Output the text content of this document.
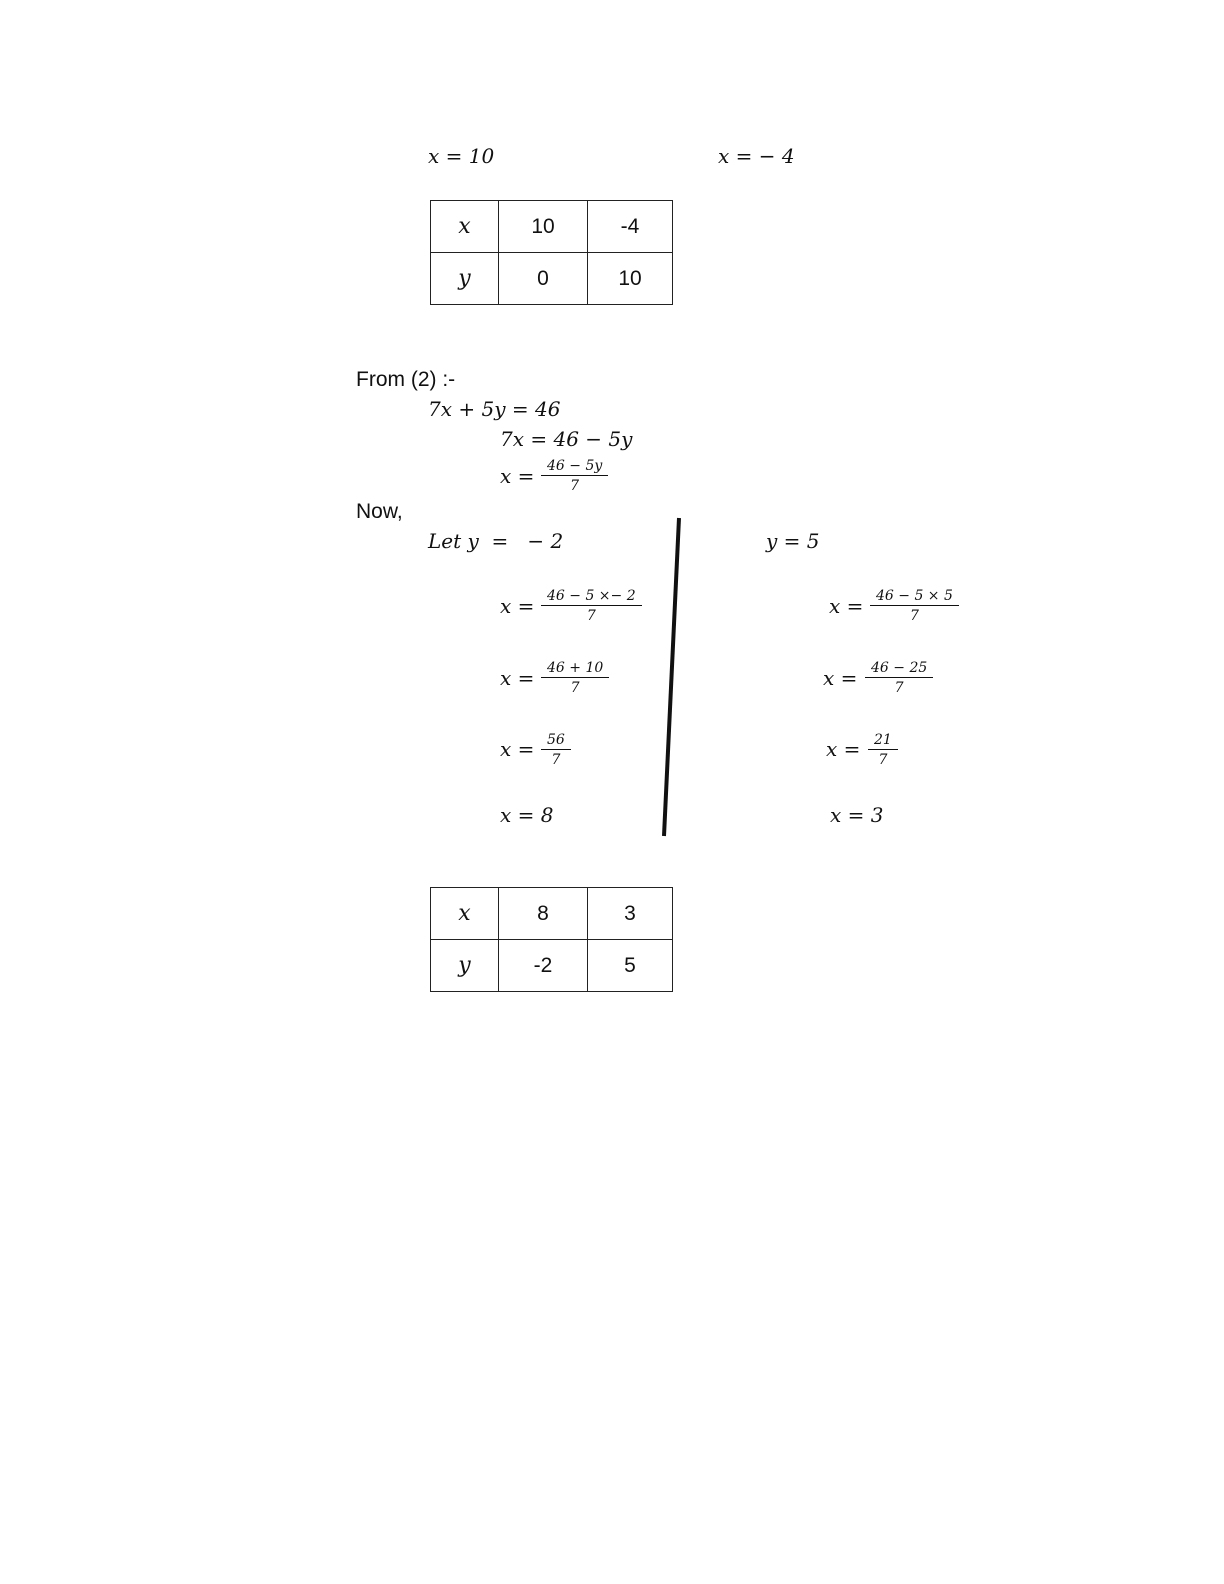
x = 10	x = − 4
x	10	-4
y	0	10
From (2) :-
7x + 5y = 46
7x = 46 − 5y
$x = \frac{46 - 5y}{7}$
Now,
Let y  =   − 2
$x = \frac{46 - 5 \times- 2}{7}$
$x = \frac{46 + 10}{7}$
$x = \frac{56}{7}$
x = 8
y = 5
$x = \frac{46 - 5 \times 5}{7}$
$x = \frac{46 - 25}{7}$
$x = \frac{21}{7}$
x = 3
x	8	3
y	-2	5
